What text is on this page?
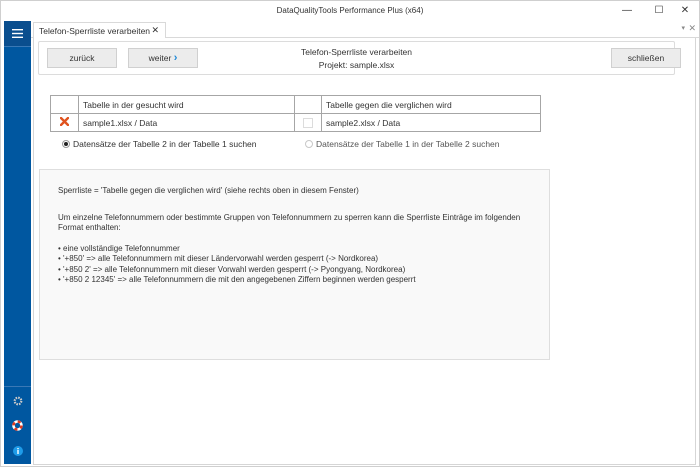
DataQualityTools Performance Plus (x64)	—	☐	✕
Telefon-Sperrliste verarbeiten ✕	▾ ✕
zurück	weiter ›	Telefon-Sperrliste verarbeiten
Projekt: sample.xlsx
schließen
	Tabelle in der gesucht wird		Tabelle gegen die verglichen wird
	sample1.xlsx / Data		sample2.xlsx / Data
Datensätze der Tabelle 2 in der Tabelle 1 suchen	Datensätze der Tabelle 1 in der Tabelle 2 suchen

Sperrliste = 'Tabelle gegen die verglichen wird' (siehe rechts oben in diesem Fenster)

Um einzelne Telefonnummern oder bestimmte Gruppen von Telefonnummern zu sperren kann die Sperrliste Einträge im folgenden Format enthalten:

• eine vollständige Telefonnummer
• '+850' => alle Telefonnummern mit dieser Ländervorwahl werden gesperrt (-> Nordkorea)
• '+850 2' => alle Telefonnummern mit dieser Vorwahl werden gesperrt (-> Pyongyang, Nordkorea)
• '+850 2 12345' => alle Telefonnummern die mit den angegebenen Ziffern beginnen werden gesperrt
